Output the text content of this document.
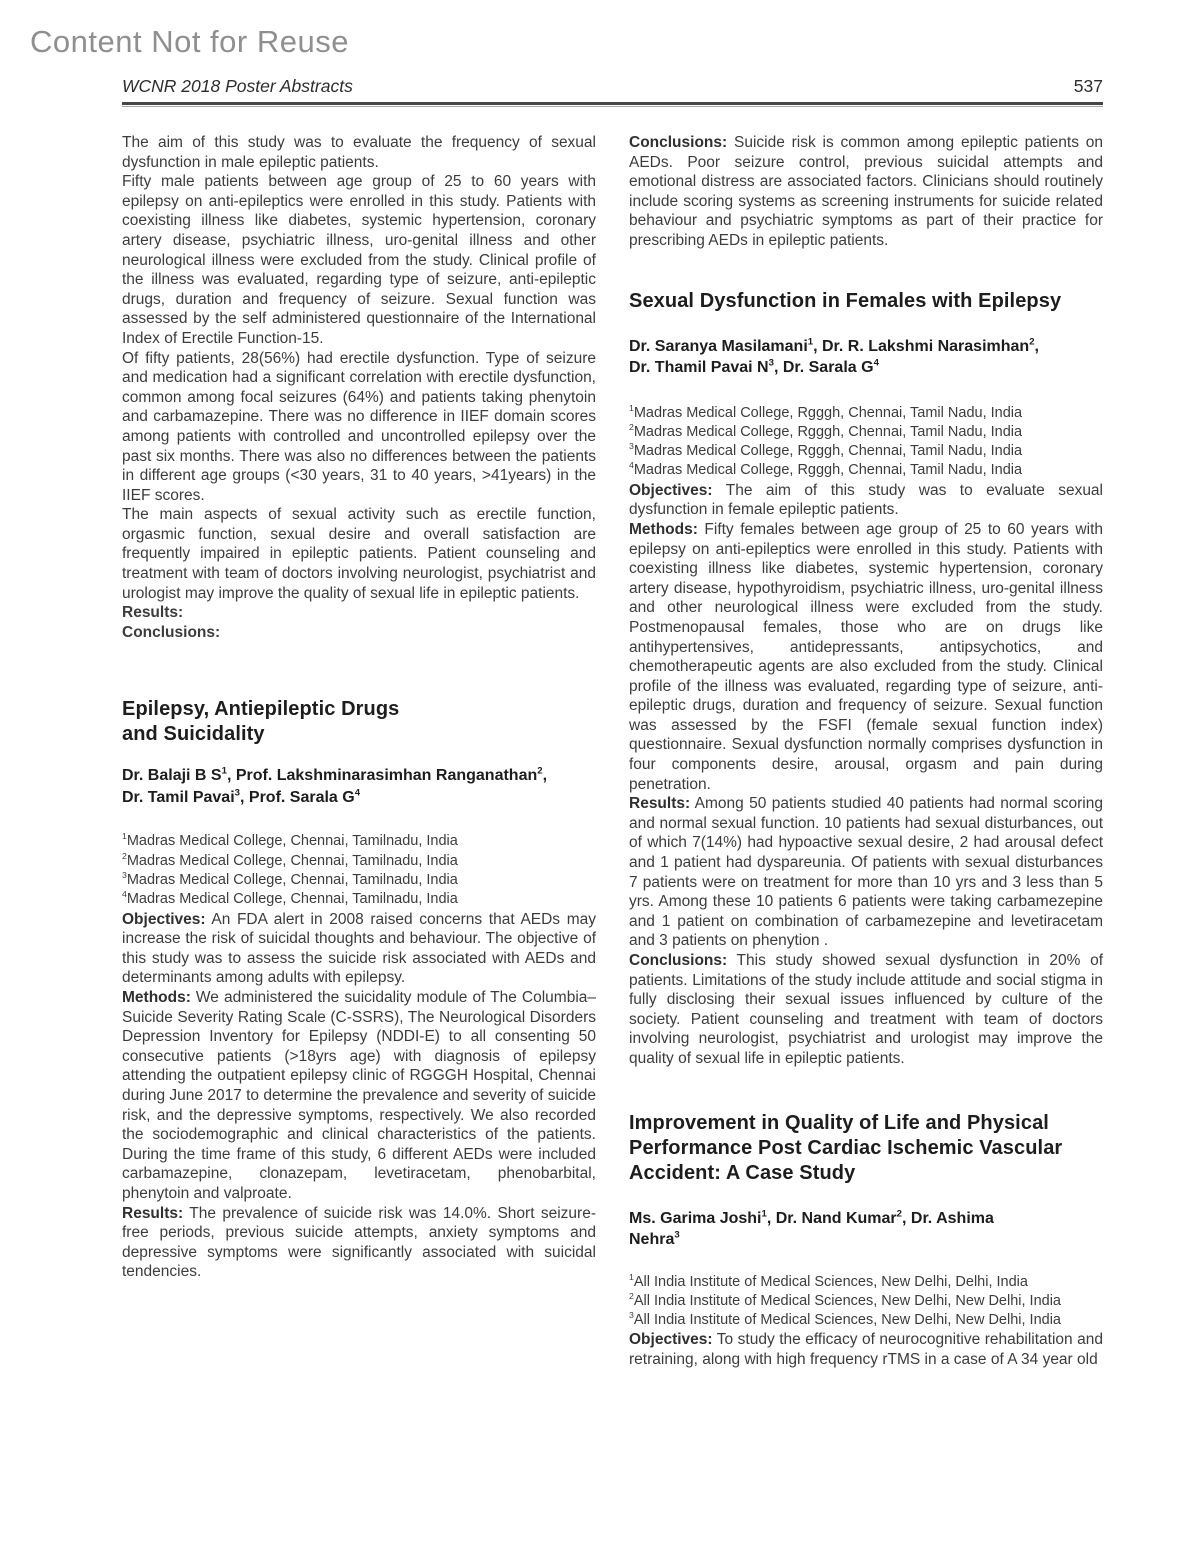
Content Not for Reuse
WCNR 2018 Poster Abstracts	537

The aim of this study was to evaluate the frequency of sexual dysfunction in male epileptic patients.

Fifty male patients between age group of 25 to 60 years with epilepsy on anti-epileptics were enrolled in this study. Patients with coexisting illness like diabetes, systemic hypertension, coronary artery disease, psychiatric illness, uro-genital illness and other neurological illness were excluded from the study. Clinical profile of the illness was evaluated, regarding type of seizure, anti-epileptic drugs, duration and frequency of seizure. Sexual function was assessed by the self administered questionnaire of the International Index of Erectile Function-15.

Of fifty patients, 28(56%) had erectile dysfunction. Type of seizure and medication had a significant correlation with erectile dysfunction, common among focal seizures (64%) and patients taking phenytoin and carbamazepine. There was no difference in IIEF domain scores among patients with controlled and uncontrolled epilepsy over the past six months. There was also no differences between the patients in different age groups (<30 years, 31 to 40 years, >41years) in the IIEF scores.

The main aspects of sexual activity such as erectile function, orgasmic function, sexual desire and overall satisfaction are frequently impaired in epileptic patients. Patient counseling and treatment with team of doctors involving neurologist, psychiatrist and urologist may improve the quality of sexual life in epileptic patients.

Results:

Conclusions:

Epilepsy, Antiepileptic Drugs
and Suicidality
Dr. Balaji B $S^1$, Prof. Lakshminarasimhan Ranganathan$^2$,
Dr. Tamil Pavai$^3$, Prof. Sarala $G^4$
$^1$Madras Medical College, Chennai, Tamilnadu, India
$^2$Madras Medical College, Chennai, Tamilnadu, India
$^3$Madras Medical College, Chennai, Tamilnadu, India
$^4$Madras Medical College, Chennai, Tamilnadu, India

Objectives: An FDA alert in 2008 raised concerns that AEDs may increase the risk of suicidal thoughts and behaviour. The objective of this study was to assess the suicide risk associated with AEDs and determinants among adults with epilepsy.

Methods: We administered the suicidality module of The Columbia–Suicide Severity Rating Scale (C-SSRS), The Neurological Disorders Depression Inventory for Epilepsy (NDDI-E) to all consenting 50 consecutive patients (>18yrs age) with diagnosis of epilepsy attending the outpatient epilepsy clinic of RGGGH Hospital, Chennai during June 2017 to determine the prevalence and severity of suicide risk, and the depressive symptoms, respectively. We also recorded the sociodemographic and clinical characteristics of the patients. During the time frame of this study, 6 different AEDs were included carbamazepine, clonazepam, levetiracetam, phenobarbital, phenytoin and valproate.

Results: The prevalence of suicide risk was 14.0%. Short seizure-free periods, previous suicide attempts, anxiety symptoms and depressive symptoms were significantly associated with suicidal tendencies.

Conclusions: Suicide risk is common among epileptic patients on AEDs. Poor seizure control, previous suicidal attempts and emotional distress are associated factors. Clinicians should routinely include scoring systems as screening instruments for suicide related behaviour and psychiatric symptoms as part of their practice for prescribing AEDs in epileptic patients.

Sexual Dysfunction in Females with Epilepsy
Dr. Saranya Masilamani$^1$, Dr. R. Lakshmi Narasimhan$^2$,
Dr. Thamil Pavai $N^3$, Dr. Sarala $G^4$
$^1$Madras Medical College, Rgggh, Chennai, Tamil Nadu, India
$^2$Madras Medical College, Rgggh, Chennai, Tamil Nadu, India
$^3$Madras Medical College, Rgggh, Chennai, Tamil Nadu, India
$^4$Madras Medical College, Rgggh, Chennai, Tamil Nadu, India

Objectives: The aim of this study was to evaluate sexual dysfunction in female epileptic patients.

Methods: Fifty females between age group of 25 to 60 years with epilepsy on anti-epileptics were enrolled in this study. Patients with coexisting illness like diabetes, systemic hypertension, coronary artery disease, hypothyroidism, psychiatric illness, uro-genital illness and other neurological illness were excluded from the study. Postmenopausal females, those who are on drugs like antihypertensives, antidepressants, antipsychotics, and chemotherapeutic agents are also excluded from the study. Clinical profile of the illness was evaluated, regarding type of seizure, anti-epileptic drugs, duration and frequency of seizure. Sexual function was assessed by the FSFI (female sexual function index) questionnaire. Sexual dysfunction normally comprises dysfunction in four components desire, arousal, orgasm and pain during penetration.

Results: Among 50 patients studied 40 patients had normal scoring and normal sexual function. 10 patients had sexual disturbances, out of which 7(14%) had hypoactive sexual desire, 2 had arousal defect and 1 patient had dyspareunia. Of patients with sexual disturbances 7 patients were on treatment for more than 10 yrs and 3 less than 5 yrs. Among these 10 patients 6 patients were taking carbamezepine and 1 patient on combination of carbamezepine and levetiracetam and 3 patients on phenytion .

Conclusions: This study showed sexual dysfunction in 20% of patients. Limitations of the study include attitude and social stigma in fully disclosing their sexual issues influenced by culture of the society. Patient counseling and treatment with team of doctors involving neurologist, psychiatrist and urologist may improve the quality of sexual life in epileptic patients.

Improvement in Quality of Life and Physical
Performance Post Cardiac Ischemic Vascular
Accident: A Case Study
Ms. Garima Joshi$^1$, Dr. Nand Kumar$^2$, Dr. Ashima
Nehra$^3$
$^1$All India Institute of Medical Sciences, New Delhi, Delhi, India
$^2$All India Institute of Medical Sciences, New Delhi, New Delhi, India
$^3$All India Institute of Medical Sciences, New Delhi, New Delhi, India

Objectives: To study the efficacy of neurocognitive rehabilitation and retraining, along with high frequency rTMS in a case of A 34 year old
